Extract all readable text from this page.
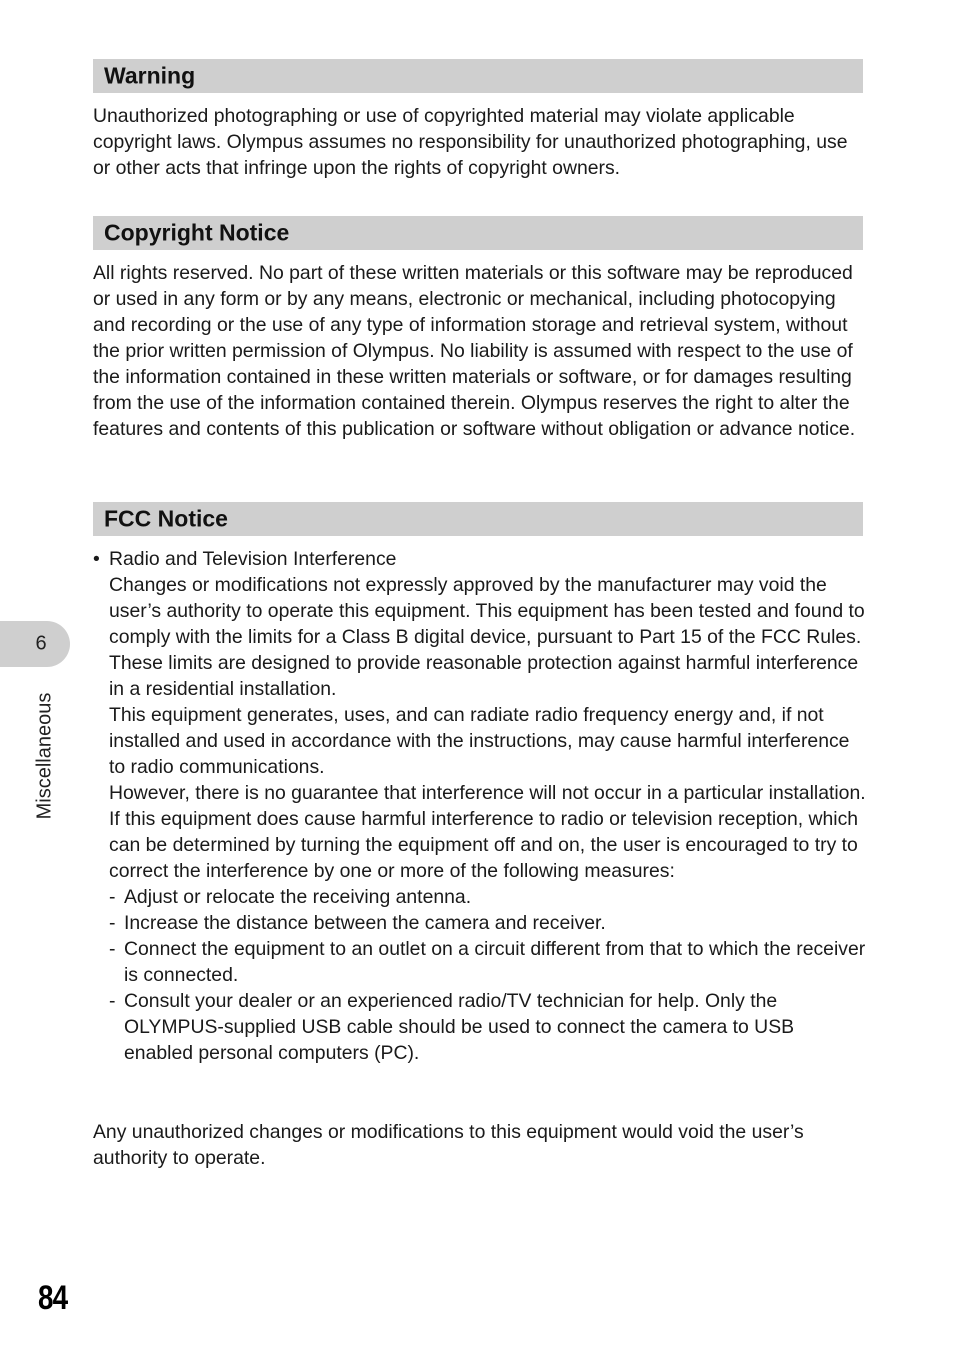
Warning

Unauthorized photographing or use of copyrighted material may violate applicable copyright laws. Olympus assumes no responsibility for unauthorized photographing, use or other acts that infringe upon the rights of copyright owners.

Copyright Notice

All rights reserved. No part of these written materials or this software may be reproduced or used in any form or by any means, electronic or mechanical, including photocopying and recording or the use of any type of information storage and retrieval system, without the prior written permission of Olympus. No liability is assumed with respect to the use of the information contained in these written materials or software, or for damages resulting from the use of the information contained therein. Olympus reserves the right to alter the features and contents of this publication or software without obligation or advance notice.

FCC Notice
• Radio and Television Interference
Changes or modifications not expressly approved by the manufacturer may void the user’s authority to operate this equipment. This equipment has been tested and found to comply with the limits for a Class B digital device, pursuant to Part 15 of the FCC Rules. These limits are designed to provide reasonable protection against harmful interference in a residential installation.
This equipment generates, uses, and can radiate radio frequency energy and, if not installed and used in accordance with the instructions, may cause harmful interference to radio communications.
However, there is no guarantee that interference will not occur in a particular installation. If this equipment does cause harmful interference to radio or television reception, which can be determined by turning the equipment off and on, the user is encouraged to try to correct the interference by one or more of the following measures:
- Adjust or relocate the receiving antenna.
- Increase the distance between the camera and receiver.
- Connect the equipment to an outlet on a circuit different from that to which the receiver is connected.
- Consult your dealer or an experienced radio/TV technician for help. Only the OLYMPUS-supplied USB cable should be used to connect the camera to USB enabled personal computers (PC).

Any unauthorized changes or modifications to this equipment would void the user’s authority to operate.

6
Miscellaneous
84
